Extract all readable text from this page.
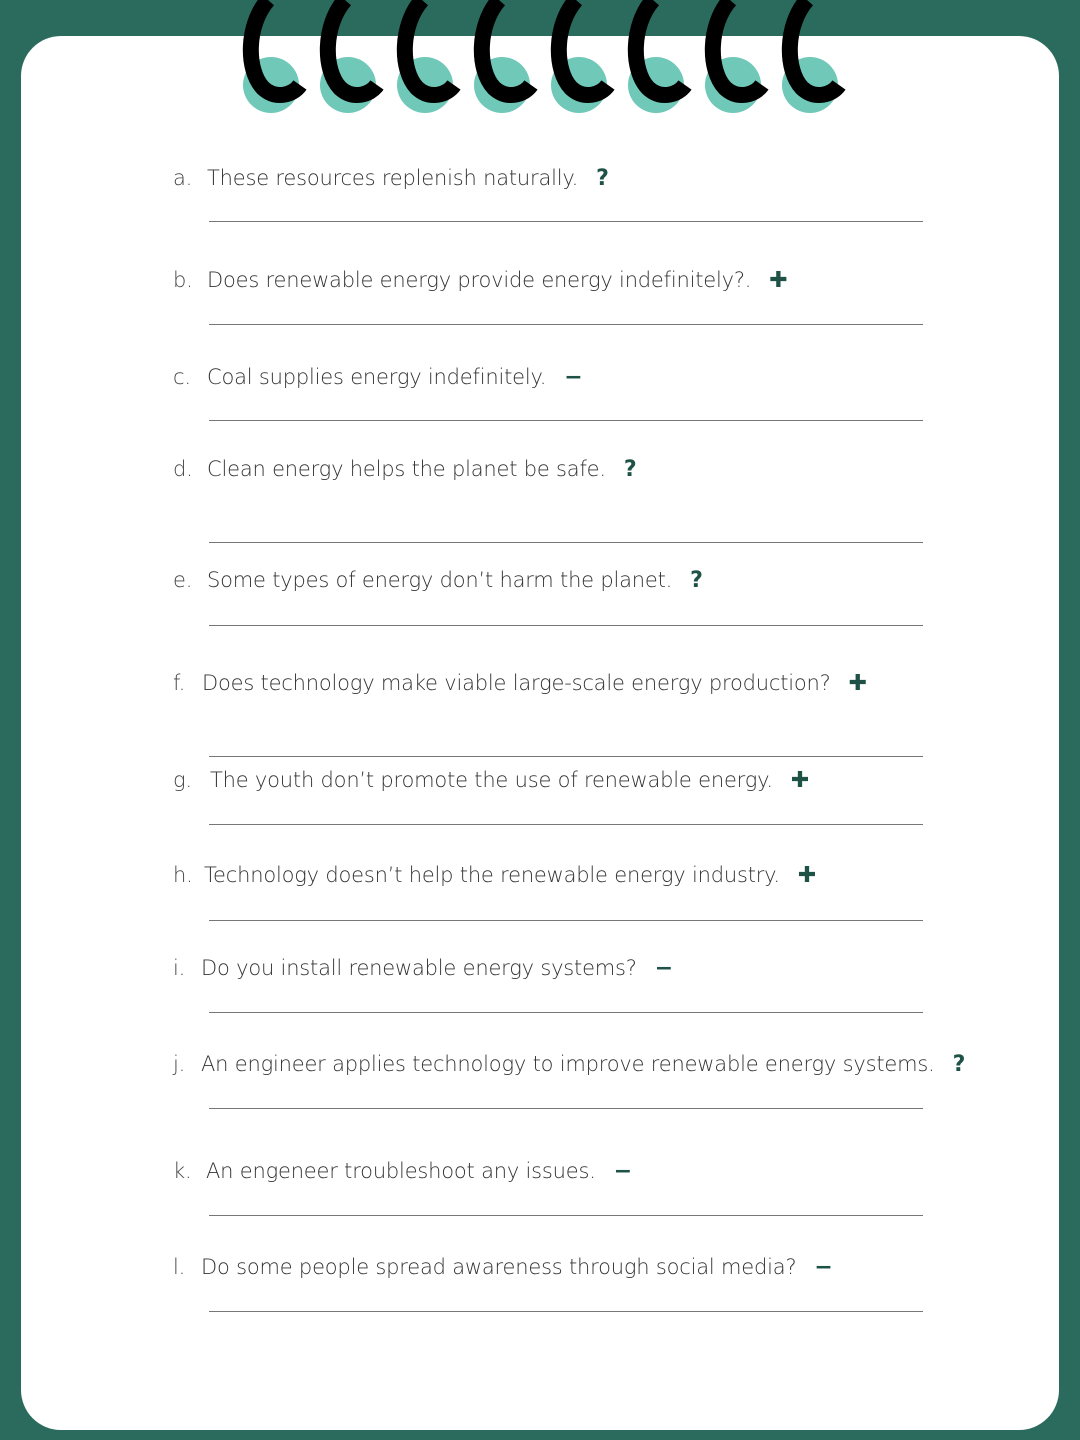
a. These resources replenish naturally. ?
b. Does renewable energy provide energy indefinitely?. ✚
c. Coal supplies energy indefinitely. −
d. Clean energy helps the planet be safe. ?
e. Some types of energy don’t harm the planet. ?
f. Does technology make viable large-scale energy production? ✚
g. The youth don’t promote the use of renewable energy. ✚
h. Technology doesn’t help the renewable energy industry. ✚
i. Do you install renewable energy systems? −
j. An engineer applies technology to improve renewable energy systems. ?
k. An engeneer troubleshoot any issues. −
l. Do some people spread awareness through social media? −
